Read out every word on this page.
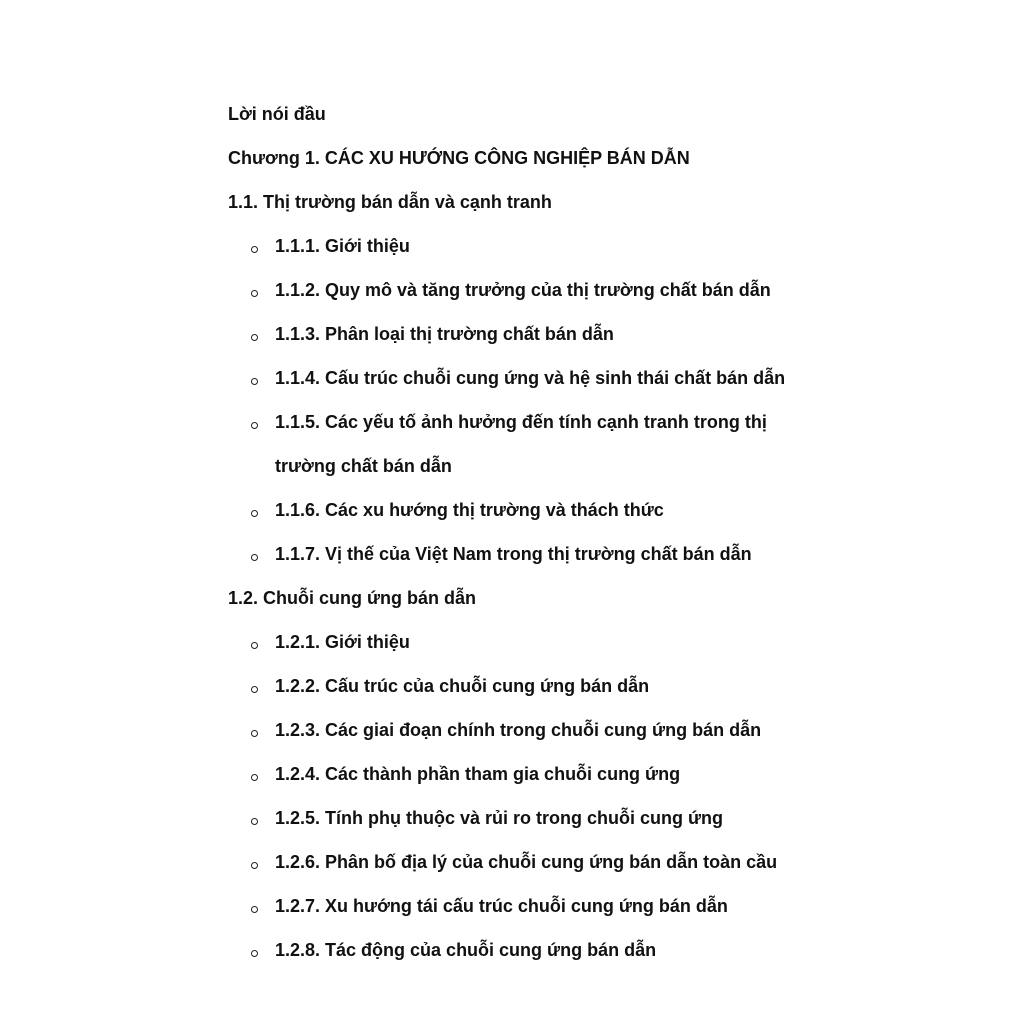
Lời nói đầu
Chương 1. CÁC XU HƯỚNG CÔNG NGHIỆP BÁN DẪN
1.1. Thị trường bán dẫn và cạnh tranh
1.1.1. Giới thiệu
1.1.2. Quy mô và tăng trưởng của thị trường chất bán dẫn
1.1.3. Phân loại thị trường chất bán dẫn
1.1.4. Cấu trúc chuỗi cung ứng và hệ sinh thái chất bán dẫn
1.1.5. Các yếu tố ảnh hưởng đến tính cạnh tranh trong thị trường chất bán dẫn
1.1.6. Các xu hướng thị trường và thách thức
1.1.7. Vị thế của Việt Nam trong thị trường chất bán dẫn
1.2. Chuỗi cung ứng bán dẫn
1.2.1. Giới thiệu
1.2.2. Cấu trúc của chuỗi cung ứng bán dẫn
1.2.3. Các giai đoạn chính trong chuỗi cung ứng bán dẫn
1.2.4. Các thành phần tham gia chuỗi cung ứng
1.2.5. Tính phụ thuộc và rủi ro trong chuỗi cung ứng
1.2.6. Phân bố địa lý của chuỗi cung ứng bán dẫn toàn cầu
1.2.7. Xu hướng tái cấu trúc chuỗi cung ứng bán dẫn
1.2.8. Tác động của chuỗi cung ứng bán dẫn
